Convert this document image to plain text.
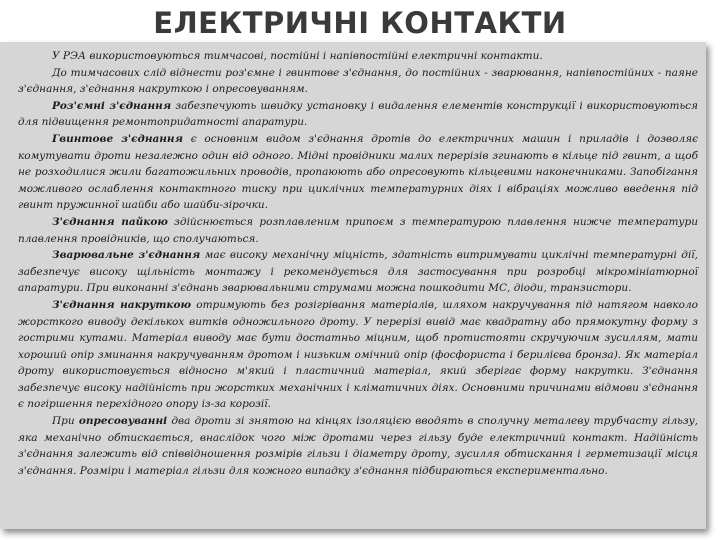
ЕЛЕКТРИЧНІ КОНТАКТИ

У РЭА використовуються тимчасові, постійні і напівпостійні електричні контакти.

До тимчасових слід віднести роз'ємне і гвинтове з'єднання, до постійних - зварювання, напівпостійних - паяне з'єднання, з'єднання накруткою і опресовуванням.

Роз'ємні з'єднання забезпечують швидку установку і видалення елементів конструкції і використовуються для підвищення ремонтопридатності апаратури.

Гвинтове з'єднання є основним видом з'єднання дротів до електричних машин і приладів і дозволяє комутувати дроти незалежно один від одного. Мідні провідники малих перерізів згинають в кільце під гвинт, а щоб не розходилися жили багатожильних проводів, пропаюють або опресовують кільцевими наконечниками. Запобігання можливого ослаблення контактного тиску при циклічних температурних діях і вібраціях можливо введення під гвинт пружинної шайби або шайби-зірочки.

З'єднання пайкою здійснюється розплавленим припоєм з температурою плавлення нижче температури плавлення провідників, що сполучаються.

Зварювальне з'єднання має високу механічну міцність, здатність витримувати циклічні температурні дії, забезпечує високу щільність монтажу і рекомендується для застосування при розробці мікромініатюрної апаратури. При виконанні з'єднань зварювальними струмами можна пошкодити МС, діоди, транзистори.

З'єднання накруткою отримують без розігрівання матеріалів, шляхом накручування під натягом навколо жорсткого виводу декількох витків одножильного дроту. У перерізі вивід має квадратну або прямокутну форму з гострими кутами. Матеріал виводу має бути достатньо міцним, щоб протистояти скручуючим зусиллям, мати хороший опір зминання накручуванням дротом і низьким омічний опір (фосфориста і берилієва бронза). Як матеріал дроту використовується відносно м'який і пластичний матеріал, який зберігає форму накрутки. З'єднання забезпечує високу надійність при жорстких механічних і кліматичних діях. Основними причинами відмови з'єднання є погіршення перехідного опору із-за корозії.

При опресовуванні два дроти зі знятою на кінцях ізоляцією вводять в сполучну металеву трубчасту гільзу, яка механічно обтискається, внаслідок чого між дротами через гільзу буде електричний контакт. Надійність з'єднання залежить від співвідношення розмірів гільзи і діаметру дроту, зусилля обтискання і герметизації місця з'єднання. Розміри і матеріал гільзи для кожного випадку з'єднання підбираються експериментально.
